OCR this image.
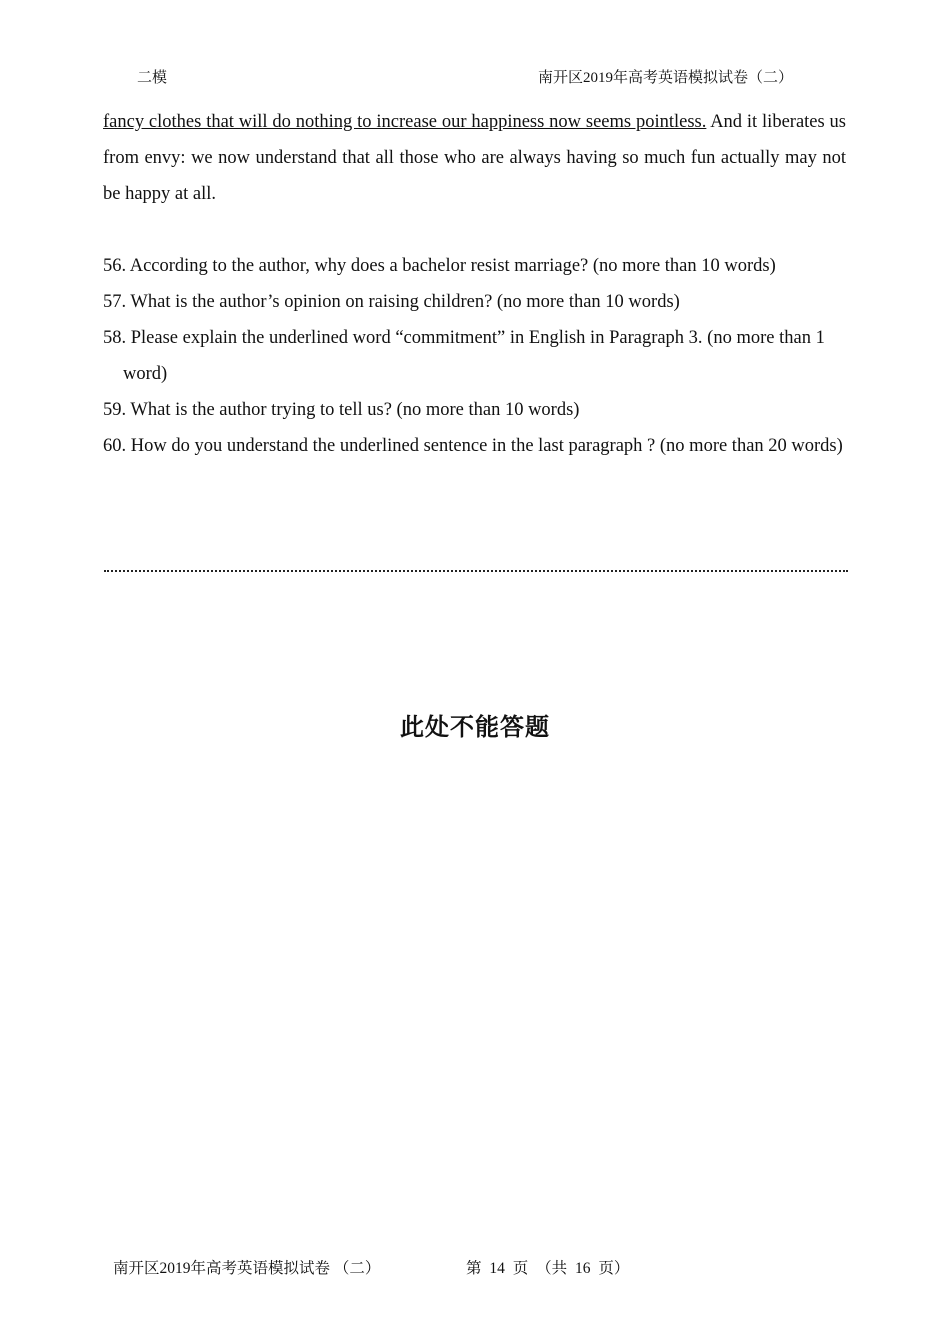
二模	南开区2019年高考英语模拟试卷（二）

fancy clothes that will do nothing to increase our happiness now seems pointless. And it liberates us from envy: we now understand that all those who are always having so much fun actually may not be happy at all.

56. According to the author, why does a bachelor resist marriage? (no more than 10 words)

57. What is the author’s opinion on raising children? (no more than 10 words)

58. Please explain the underlined word “commitment” in English in Paragraph 3. (no more than 1 word)

59. What is the author trying to tell us? (no more than 10 words)

60. How do you understand the underlined sentence in the last paragraph ? (no more than 20 words)

此处不能答题
南开区2019年高考英语模拟试卷 （二）	第 14 页 （共 16 页）
